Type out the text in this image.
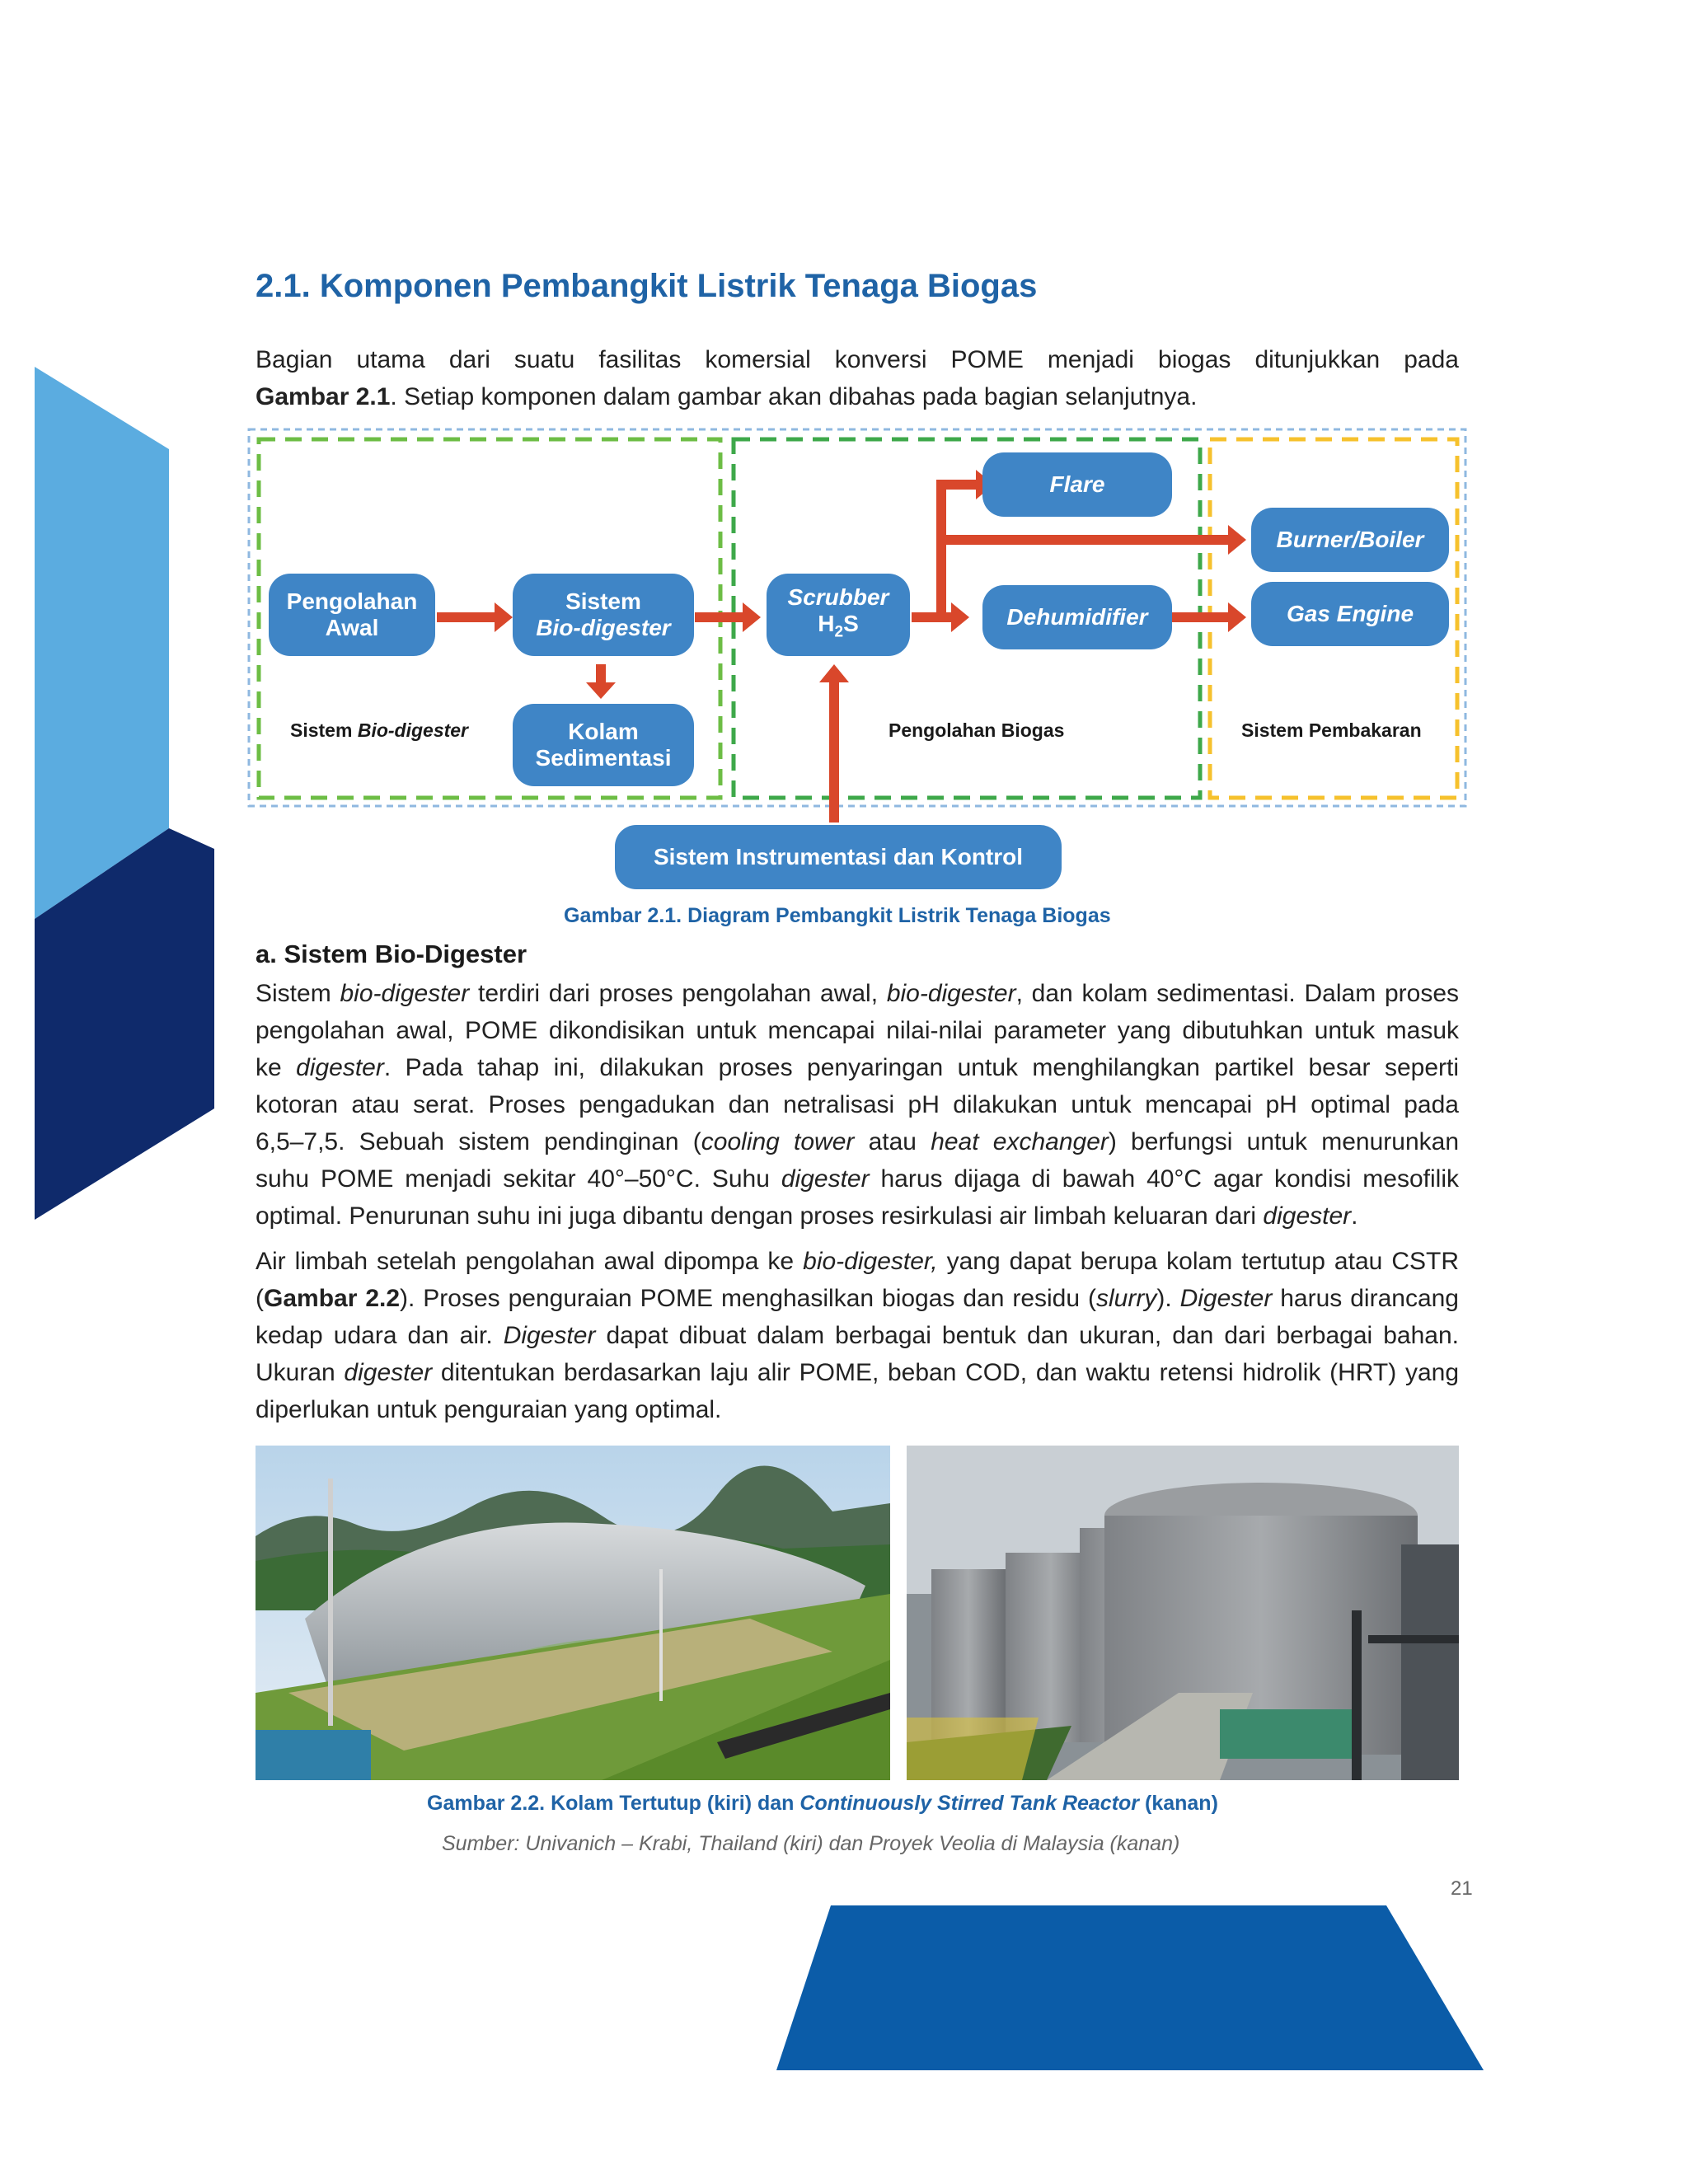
2.1. Komponen Pembangkit Listrik Tenaga Biogas
Bagian utama dari suatu fasilitas komersial konversi POME menjadi biogas ditunjukkan pada
Gambar 2.1. Setiap komponen dalam gambar akan dibahas pada bagian selanjutnya.
Pengolahan
Awal
Sistem
Bio-digester
Kolam
Sedimentasi
Scrubber
$H_2S$
Flare
Dehumidifier
Burner/Boiler
Gas Engine
Sistem Instrumentasi dan Kontrol
Sistem Bio-digester	Pengolahan Biogas	Sistem Pembakaran
Gambar 2.1. Diagram Pembangkit Listrik Tenaga Biogas
a. Sistem Bio-Digester
Sistem bio-digester terdiri dari proses pengolahan awal, bio-digester, dan kolam sedimentasi. Dalam proses
pengolahan awal, POME dikondisikan untuk mencapai nilai-nilai parameter yang dibutuhkan untuk masuk
ke digester. Pada tahap ini, dilakukan proses penyaringan untuk menghilangkan partikel besar seperti
kotoran atau serat. Proses pengadukan dan netralisasi pH dilakukan untuk mencapai pH optimal pada
6,5–7,5. Sebuah sistem pendinginan (cooling tower atau heat exchanger) berfungsi untuk menurunkan
suhu POME menjadi sekitar 40°–50°C. Suhu digester harus dijaga di bawah 40°C agar kondisi mesofilik
optimal. Penurunan suhu ini juga dibantu dengan proses resirkulasi air limbah keluaran dari digester.
Air limbah setelah pengolahan awal dipompa ke bio-digester, yang dapat berupa kolam tertutup atau CSTR
(Gambar 2.2). Proses penguraian POME menghasilkan biogas dan residu (slurry). Digester harus dirancang
kedap udara dan air. Digester dapat dibuat dalam berbagai bentuk dan ukuran, dan dari berbagai bahan.
Ukuran digester ditentukan berdasarkan laju alir POME, beban COD, dan waktu retensi hidrolik (HRT) yang
diperlukan untuk penguraian yang optimal.
Gambar 2.2. Kolam Tertutup (kiri) dan Continuously Stirred Tank Reactor (kanan)
Sumber: Univanich – Krabi, Thailand (kiri) dan Proyek Veolia di Malaysia (kanan)
21
